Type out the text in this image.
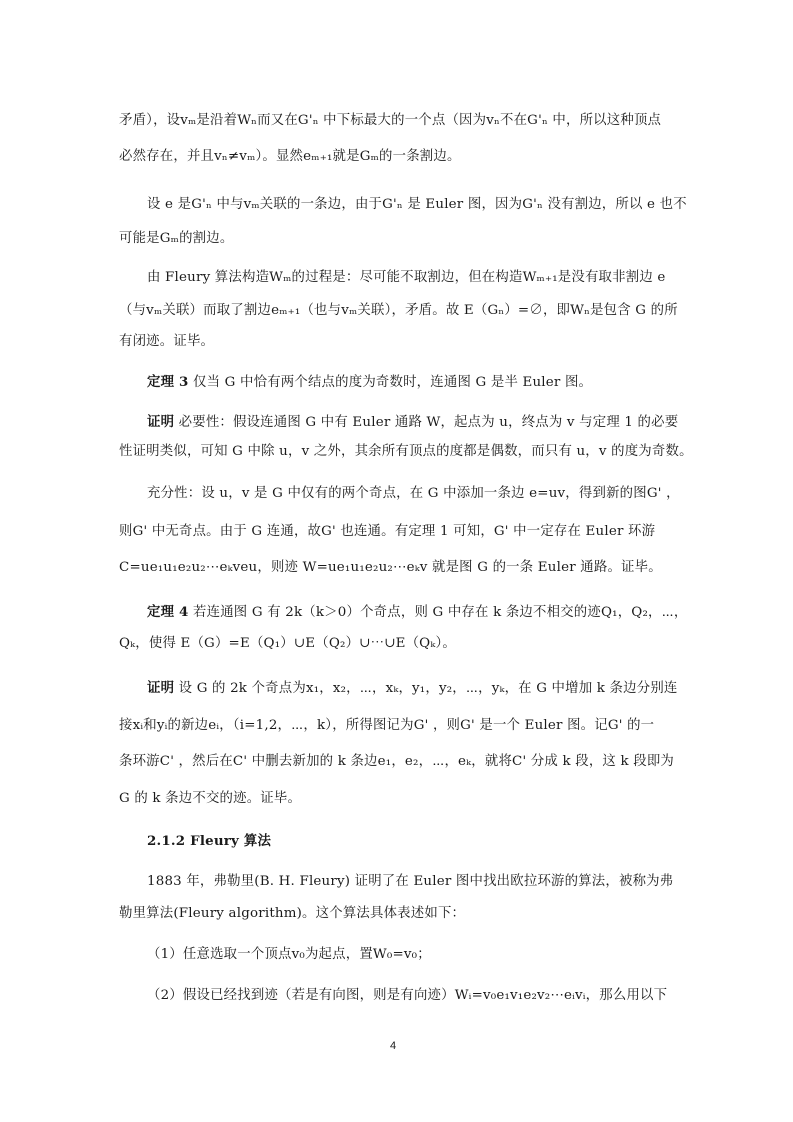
矛盾），设vₘ是沿着Wₙ而又在G'ₙ 中下标最大的一个点（因为vₙ不在G'ₙ 中，所以这种顶点
必然存在，并且vₙ≠vₘ）。显然eₘ₊₁就是Gₘ的一条割边。
设 e 是G'ₙ 中与vₘ关联的一条边，由于G'ₙ 是 Euler 图，因为G'ₙ 没有割边，所以 e 也不
可能是Gₘ的割边。
由 Fleury 算法构造Wₘ的过程是：尽可能不取割边，但在构造Wₘ₊₁是没有取非割边 e
（与vₘ关联）而取了割边eₘ₊₁（也与vₘ关联），矛盾。故 E（Gₙ）=∅，即Wₙ是包含 G 的所
有闭迹。证毕。
定理 3 仅当 G 中恰有两个结点的度为奇数时，连通图 G 是半 Euler 图。
证明 必要性：假设连通图 G 中有 Euler 通路 W，起点为 u，终点为 v 与定理 1 的必要
性证明类似，可知 G 中除 u，v 之外，其余所有顶点的度都是偶数，而只有 u，v 的度为奇数。
充分性：设 u，v 是 G 中仅有的两个奇点，在 G 中添加一条边 e=uv，得到新的图G' ，
则G' 中无奇点。由于 G 连通，故G' 也连通。有定理 1 可知，G' 中一定存在 Euler 环游
C=ue₁u₁e₂u₂⋯eₖveu，则迹 W=ue₁u₁e₂u₂⋯eₖv 就是图 G 的一条 Euler 通路。证毕。
定理 4 若连通图 G 有 2k（k＞0）个奇点，则 G 中存在 k 条边不相交的迹Q₁，Q₂，⋯，
Qₖ，使得 E（G）=E（Q₁）∪E（Q₂）∪⋯∪E（Qₖ）。
证明 设 G 的 2k 个奇点为x₁，x₂，⋯，xₖ，y₁，y₂，⋯，yₖ，在 G 中增加 k 条边分别连
接xᵢ和yᵢ的新边eᵢ，（i=1,2，⋯，k），所得图记为G' ，则G' 是一个 Euler 图。记G' 的一
条环游C' ，然后在C' 中删去新加的 k 条边e₁，e₂，⋯，eₖ，就将C' 分成 k 段，这 k 段即为
G 的 k 条边不交的迹。证毕。
2.1.2 Fleury 算法
1883 年，弗勒里(B. H. Fleury) 证明了在 Euler 图中找出欧拉环游的算法，被称为弗
勒里算法(Fleury algorithm)。这个算法具体表述如下：
（1）任意选取一个顶点v₀为起点，置W₀=v₀；
（2）假设已经找到迹（若是有向图，则是有向迹）Wᵢ=v₀e₁v₁e₂v₂⋯eᵢvᵢ，那么用以下
4
